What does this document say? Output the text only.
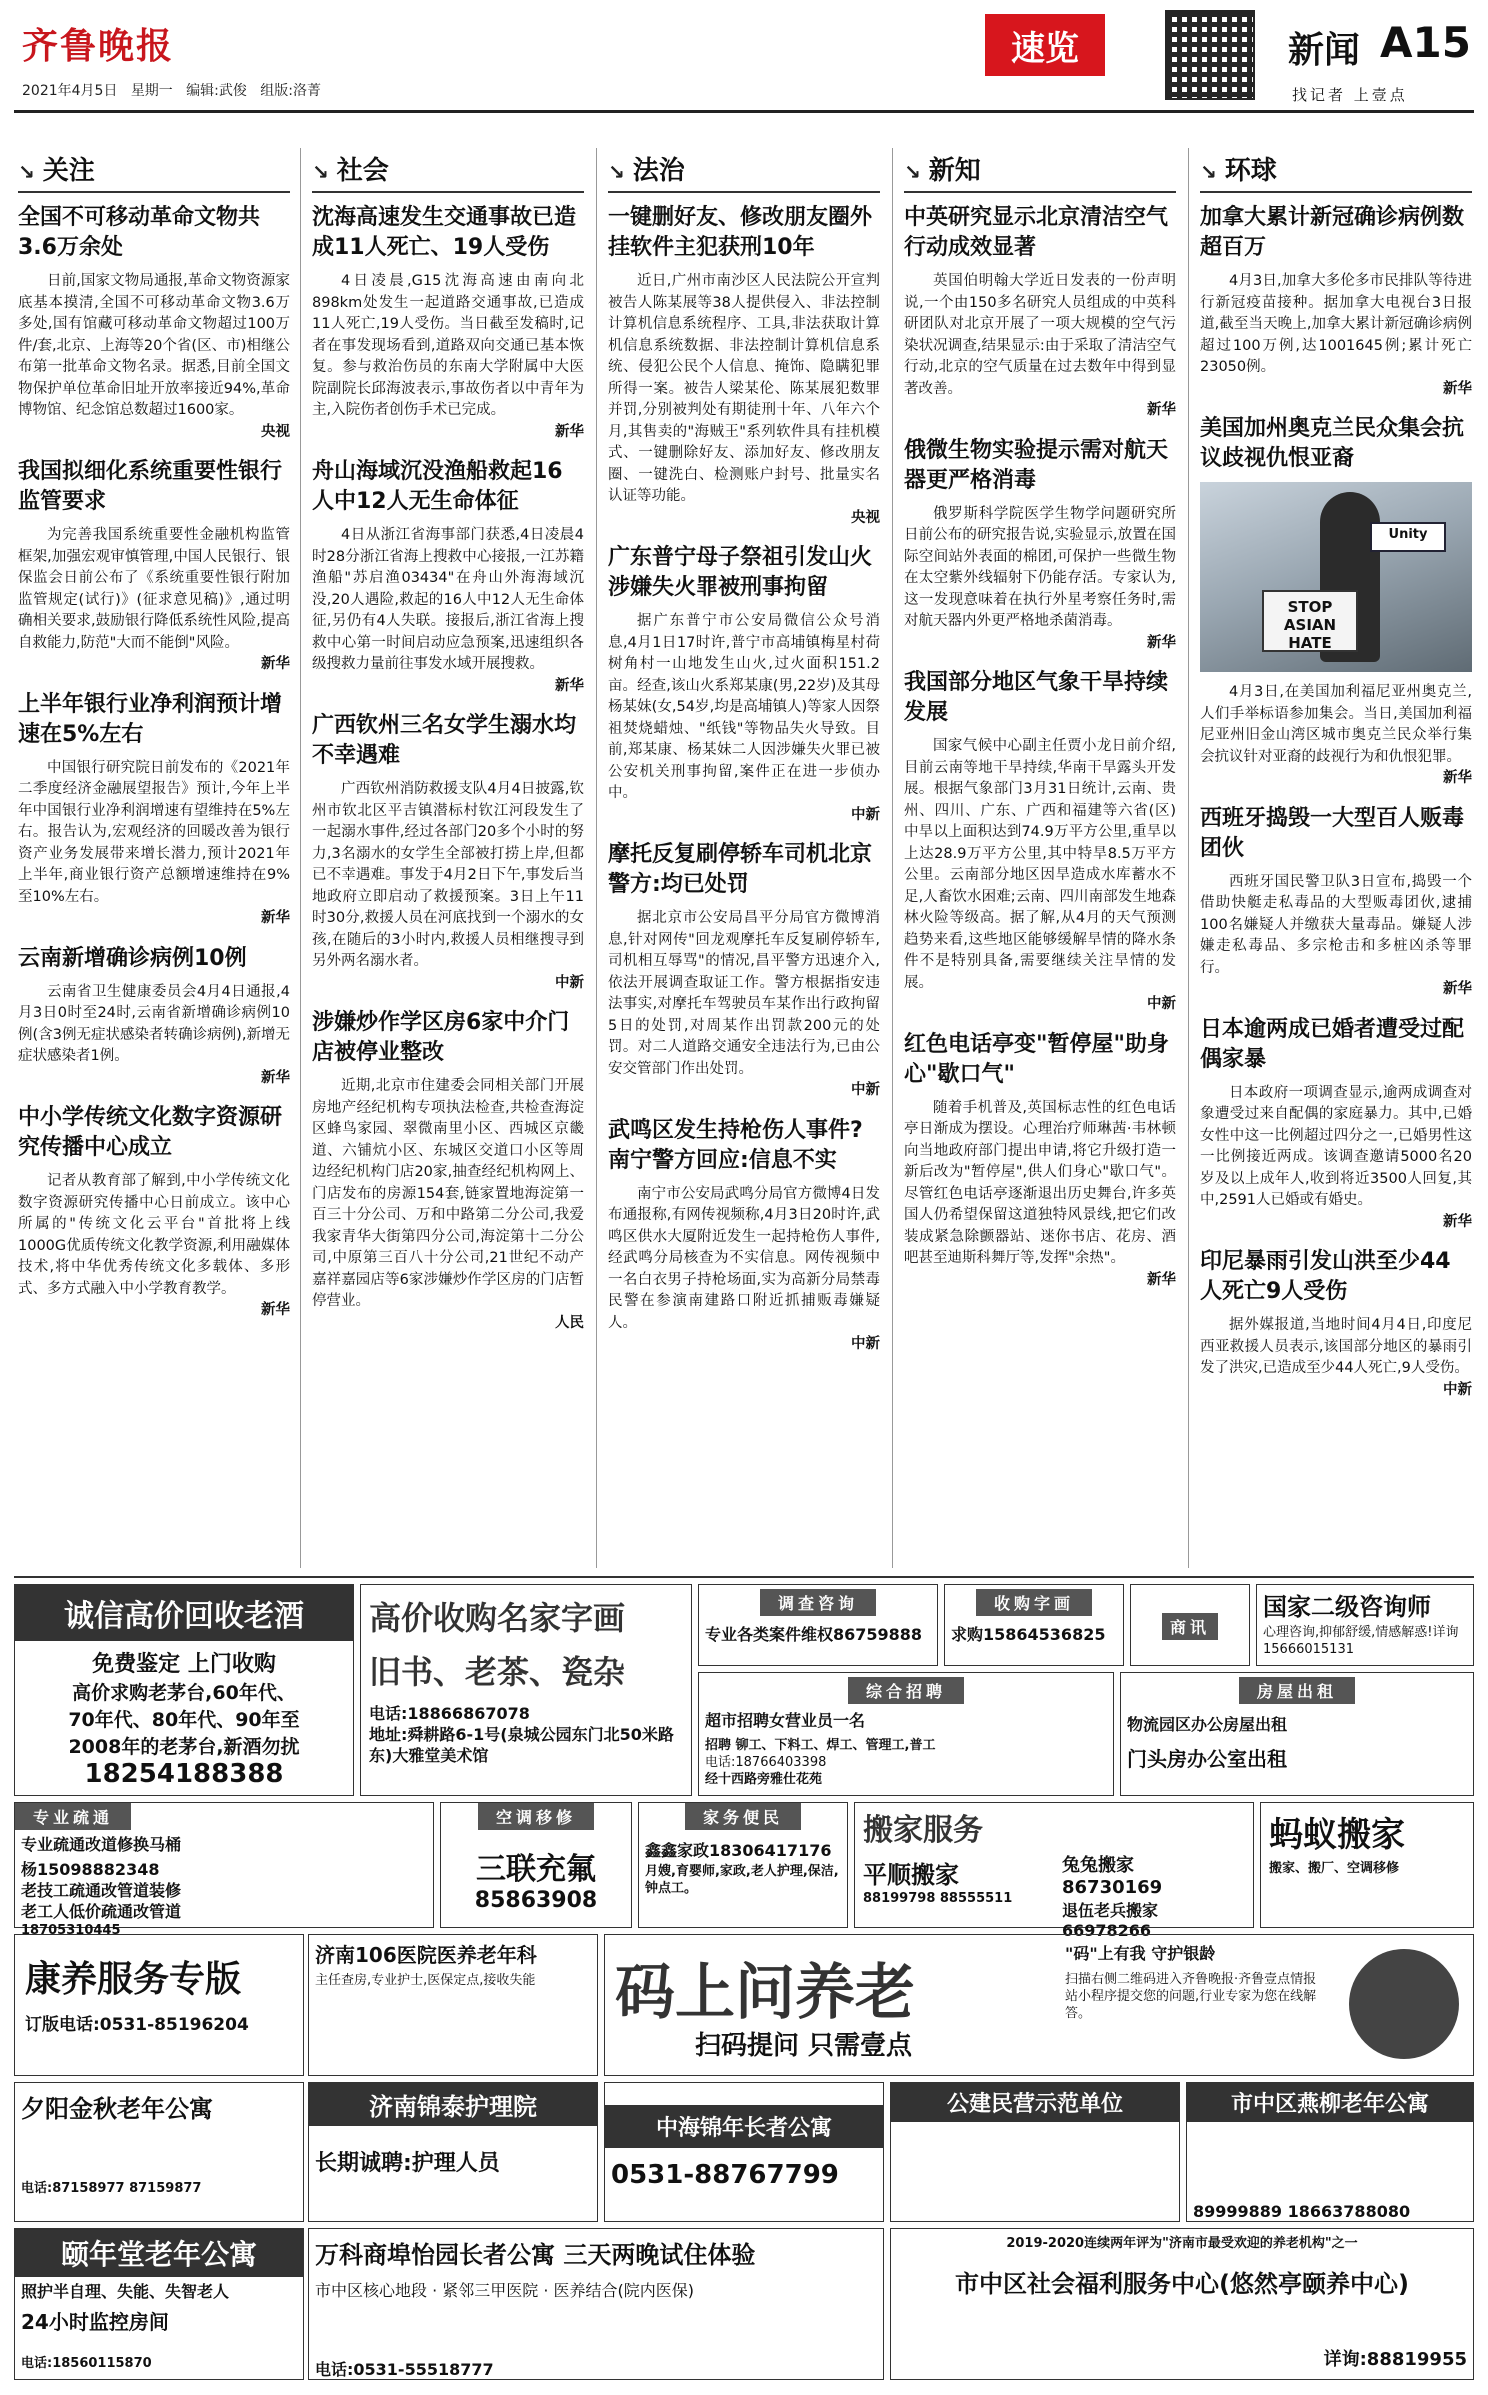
齐鲁晚报
2021年4月5日 星期一 编辑:武俊 组版:洛菁
速览	新闻 A15
找记者 上壹点
↘ 关注
全国不可移动革命文物共3.6万余处

日前,国家文物局通报,革命文物资源家底基本摸清,全国不可移动革命文物3.6万多处,国有馆藏可移动革命文物超过100万件/套,北京、上海等20个省(区、市)相继公布第一批革命文物名录。据悉,目前全国文物保护单位革命旧址开放率接近94%,革命博物馆、纪念馆总数超过1600家。
央视

我国拟细化系统重要性银行监管要求

为完善我国系统重要性金融机构监管框架,加强宏观审慎管理,中国人民银行、银保监会日前公布了《系统重要性银行附加监管规定(试行)》(征求意见稿)》,通过明确相关要求,鼓励银行降低系统性风险,提高自救能力,防范"大而不能倒"风险。
新华

上半年银行业净利润预计增速在5%左右

中国银行研究院日前发布的《2021年二季度经济金融展望报告》预计,今年上半年中国银行业净利润增速有望维持在5%左右。报告认为,宏观经济的回暖改善为银行资产业务发展带来增长潜力,预计2021年上半年,商业银行资产总额增速维持在9%至10%左右。
新华

云南新增确诊病例10例

云南省卫生健康委员会4月4日通报,4月3日0时至24时,云南省新增确诊病例10例(含3例无症状感染者转确诊病例),新增无症状感染者1例。
新华

中小学传统文化数字资源研究传播中心成立

记者从教育部了解到,中小学传统文化数字资源研究传播中心日前成立。该中心所属的"传统文化云平台"首批将上线1000G优质传统文化教学资源,利用融媒体技术,将中华优秀传统文化多载体、多形式、多方式融入中小学教育教学。
新华

↘ 社会
沈海高速发生交通事故已造成11人死亡、19人受伤

4日凌晨,G15沈海高速由南向北898km处发生一起道路交通事故,已造成11人死亡,19人受伤。当日截至发稿时,记者在事发现场看到,道路双向交通已基本恢复。参与救治伤员的东南大学附属中大医院副院长邱海波表示,事故伤者以中青年为主,入院伤者创伤手术已完成。
新华

舟山海域沉没渔船救起16人中12人无生命体征

4日从浙江省海事部门获悉,4日凌晨4时28分浙江省海上搜救中心接报,一江苏籍渔船"苏启渔03434"在舟山外海海域沉没,20人遇险,救起的16人中12人无生命体征,另仍有4人失联。接报后,浙江省海上搜救中心第一时间启动应急预案,迅速组织各级搜救力量前往事发水域开展搜救。
新华

广西钦州三名女学生溺水均不幸遇难

广西钦州消防救援支队4月4日披露,钦州市钦北区平吉镇潜标村钦江河段发生了一起溺水事件,经过各部门20多个小时的努力,3名溺水的女学生全部被打捞上岸,但都已不幸遇难。事发于4月2日下午,事发后当地政府立即启动了救援预案。3日上午11时30分,救援人员在河底找到一个溺水的女孩,在随后的3小时内,救援人员相继搜寻到另外两名溺水者。
中新

涉嫌炒作学区房6家中介门店被停业整改

近期,北京市住建委会同相关部门开展房地产经纪机构专项执法检查,共检查海淀区蜂鸟家园、翠微南里小区、西城区京畿道、六铺炕小区、东城区交道口小区等周边经纪机构门店20家,抽查经纪机构网上、门店发布的房源154套,链家置地海淀第一百三十分公司、万和中路第二分公司,我爱我家青华大街第四分公司,海淀第十二分公司,中原第三百八十分公司,21世纪不动产嘉祥嘉园店等6家涉嫌炒作学区房的门店暂停营业。
人民

↘ 法治
一键删好友、修改朋友圈外挂软件主犯获刑10年

近日,广州市南沙区人民法院公开宣判被告人陈某展等38人提供侵入、非法控制计算机信息系统程序、工具,非法获取计算机信息系统数据、非法控制计算机信息系统、侵犯公民个人信息、掩饰、隐瞒犯罪所得一案。被告人梁某伦、陈某展犯数罪并罚,分别被判处有期徒刑十年、八年六个月,其售卖的"海贼王"系列软件具有挂机模式、一键删除好友、添加好友、修改朋友圈、一键洗白、检测账户封号、批量实名认证等功能。
央视

广东普宁母子祭祖引发山火涉嫌失火罪被刑事拘留

据广东普宁市公安局微信公众号消息,4月1日17时许,普宁市高埔镇梅星村荷树角村一山地发生山火,过火面积151.2亩。经查,该山火系郑某康(男,22岁)及其母杨某妹(女,54岁,均是高埔镇人)等家人因祭祖焚烧蜡烛、"纸钱"等物品失火导致。目前,郑某康、杨某妹二人因涉嫌失火罪已被公安机关刑事拘留,案件正在进一步侦办中。
中新

摩托反复刷停轿车司机北京警方:均已处罚

据北京市公安局昌平分局官方微博消息,针对网传"回龙观摩托车反复刷停轿车,司机相互辱骂"的情况,昌平警方迅速介入,依法开展调查取证工作。警方根据指安违法事实,对摩托车驾驶员车某作出行政拘留5日的处罚,对周某作出罚款200元的处罚。对二人道路交通安全违法行为,已由公安交管部门作出处罚。
中新

武鸣区发生持枪伤人事件?南宁警方回应:信息不实

南宁市公安局武鸣分局官方微博4日发布通报称,有网传视频称,4月3日20时许,武鸣区供水大厦附近发生一起持枪伤人事件,经武鸣分局核查为不实信息。网传视频中一名白衣男子持枪场面,实为高新分局禁毒民警在参演南建路口附近抓捕贩毒嫌疑人。
中新

↘ 新知
中英研究显示北京清洁空气行动成效显著

英国伯明翰大学近日发表的一份声明说,一个由150多名研究人员组成的中英科研团队对北京开展了一项大规模的空气污染状况调查,结果显示:由于采取了清洁空气行动,北京的空气质量在过去数年中得到显著改善。
新华

俄微生物实验提示需对航天器更严格消毒

俄罗斯科学院医学生物学问题研究所日前公布的研究报告说,实验显示,放置在国际空间站外表面的棉团,可保护一些微生物在太空紫外线辐射下仍能存活。专家认为,这一发现意味着在执行外星考察任务时,需对航天器内外更严格地杀菌消毒。
新华

我国部分地区气象干旱持续发展

国家气候中心副主任贾小龙日前介绍,目前云南等地干旱持续,华南干旱露头开发展。根据气象部门3月31日统计,云南、贵州、四川、广东、广西和福建等六省(区)中旱以上面积达到74.9万平方公里,重旱以上达28.9万平方公里,其中特旱8.5万平方公里。云南部分地区因旱造成水库蓄水不足,人畜饮水困难;云南、四川南部发生地森林火险等级高。据了解,从4月的天气预测趋势来看,这些地区能够缓解旱情的降水条件不是特别具备,需要继续关注旱情的发展。
中新

红色电话亭变"暂停屋"助身心"歇口气"

随着手机普及,英国标志性的红色电话亭日渐成为摆设。心理治疗师琳茜·韦林顿向当地政府部门提出申请,将它升级打造一新后改为"暂停屋",供人们身心"歇口气"。尽管红色电话亭逐渐退出历史舞台,许多英国人仍希望保留这道独特风景线,把它们改装成紧急除颤器站、迷你书店、花房、酒吧甚至迪斯科舞厅等,发挥"余热"。
新华

↘ 环球
加拿大累计新冠确诊病例数超百万

4月3日,加拿大多伦多市民排队等待进行新冠疫苗接种。据加拿大电视台3日报道,截至当天晚上,加拿大累计新冠确诊病例超过100万例,达1001645例;累计死亡23050例。
新华

美国加州奥克兰民众集会抗议歧视仇恨亚裔
STOP ASIAN HATE
Unity

4月3日,在美国加利福尼亚州奥克兰,人们手举标语参加集会。当日,美国加利福尼亚州旧金山湾区城市奥克兰民众举行集会抗议针对亚裔的歧视行为和仇恨犯罪。
新华

西班牙捣毁一大型百人贩毒团伙

西班牙国民警卫队3日宣布,捣毁一个借助快艇走私毒品的大型贩毒团伙,逮捕100名嫌疑人并缴获大量毒品。嫌疑人涉嫌走私毒品、多宗枪击和多桩凶杀等罪行。
新华

日本逾两成已婚者遭受过配偶家暴

日本政府一项调查显示,逾两成调查对象遭受过来自配偶的家庭暴力。其中,已婚女性中这一比例超过四分之一,已婚男性这一比例接近两成。该调查邀请5000名20岁及以上成年人,收到将近3500人回复,其中,2591人已婚或有婚史。
新华

印尼暴雨引发山洪至少44人死亡9人受伤

据外媒报道,当地时间4月4日,印度尼西亚救援人员表示,该国部分地区的暴雨引发了洪灾,已造成至少44人死亡,9人受伤。
中新

诚信高价回收老酒
免费鉴定 上门收购
高价求购老茅台,60年代、
70年代、80年代、90年至
2008年的老茅台,新酒勿扰
18254188388
高价收购名家字画
旧书、老茶、瓷杂
电话:18866867078
地址:舜耕路6-1号(泉城公园东门北50米路东)大雅堂美术馆
调查咨询
专业各类案件维权86759888
收购字画
求购15864536825	商讯
国家二级咨询师
心理咨询,抑郁舒缓,情感解惑!详询15666015131
综合招聘
超市招聘女营业员一名
招聘 铆工、下料工、焊工、管理工,普工
电话:18766403398
经十西路旁雅仕花苑
房屋出租
物流园区办公房屋出租
门头房办公室出租
专业疏通
专业疏通改道修换马桶
杨15098882348
老技工疏通改管道装修
老工人低价疏通改管道
18705310445
空调移修
三联充氟
85863908
家务便民
鑫鑫家政18306417176
月嫂,育婴师,家政,老人护理,保洁,钟点工。
搬家服务
平顺搬家
88199798 88555511
兔兔搬家
86730169
退伍老兵搬家
66978266
蚂蚁搬家
搬家、搬厂、空调移修
康养服务专版
订版电话:0531-85196204
济南106医院医养老年科
主任查房,专业护士,医保定点,接收失能	码上问养老
扫码提问 只需壹点
"码"上有我 守护银龄
扫描右侧二维码进入齐鲁晚报·齐鲁壹点情报站小程序提交您的问题,行业专家为您在线解答。
夕阳金秋老年公寓
电话:87158977 87159877
济南锦泰护理院
长期诚聘:护理人员
中海锦年长者公寓
0531-88767799
公建民营示范单位	市中区燕柳老年公寓
89999889 18663788080
颐年堂老年公寓
照护半自理、失能、失智老人
24小时监控房间
电话:18560115870
万科商埠怡园长者公寓 三天两晚试住体验
市中区核心地段 · 紧邻三甲医院 · 医养结合(院内医保)
电话:0531-55518777
2019-2020连续两年评为"济南市最受欢迎的养老机构"之一
市中区社会福利服务中心(悠然亭颐养中心)
详询:88819955
